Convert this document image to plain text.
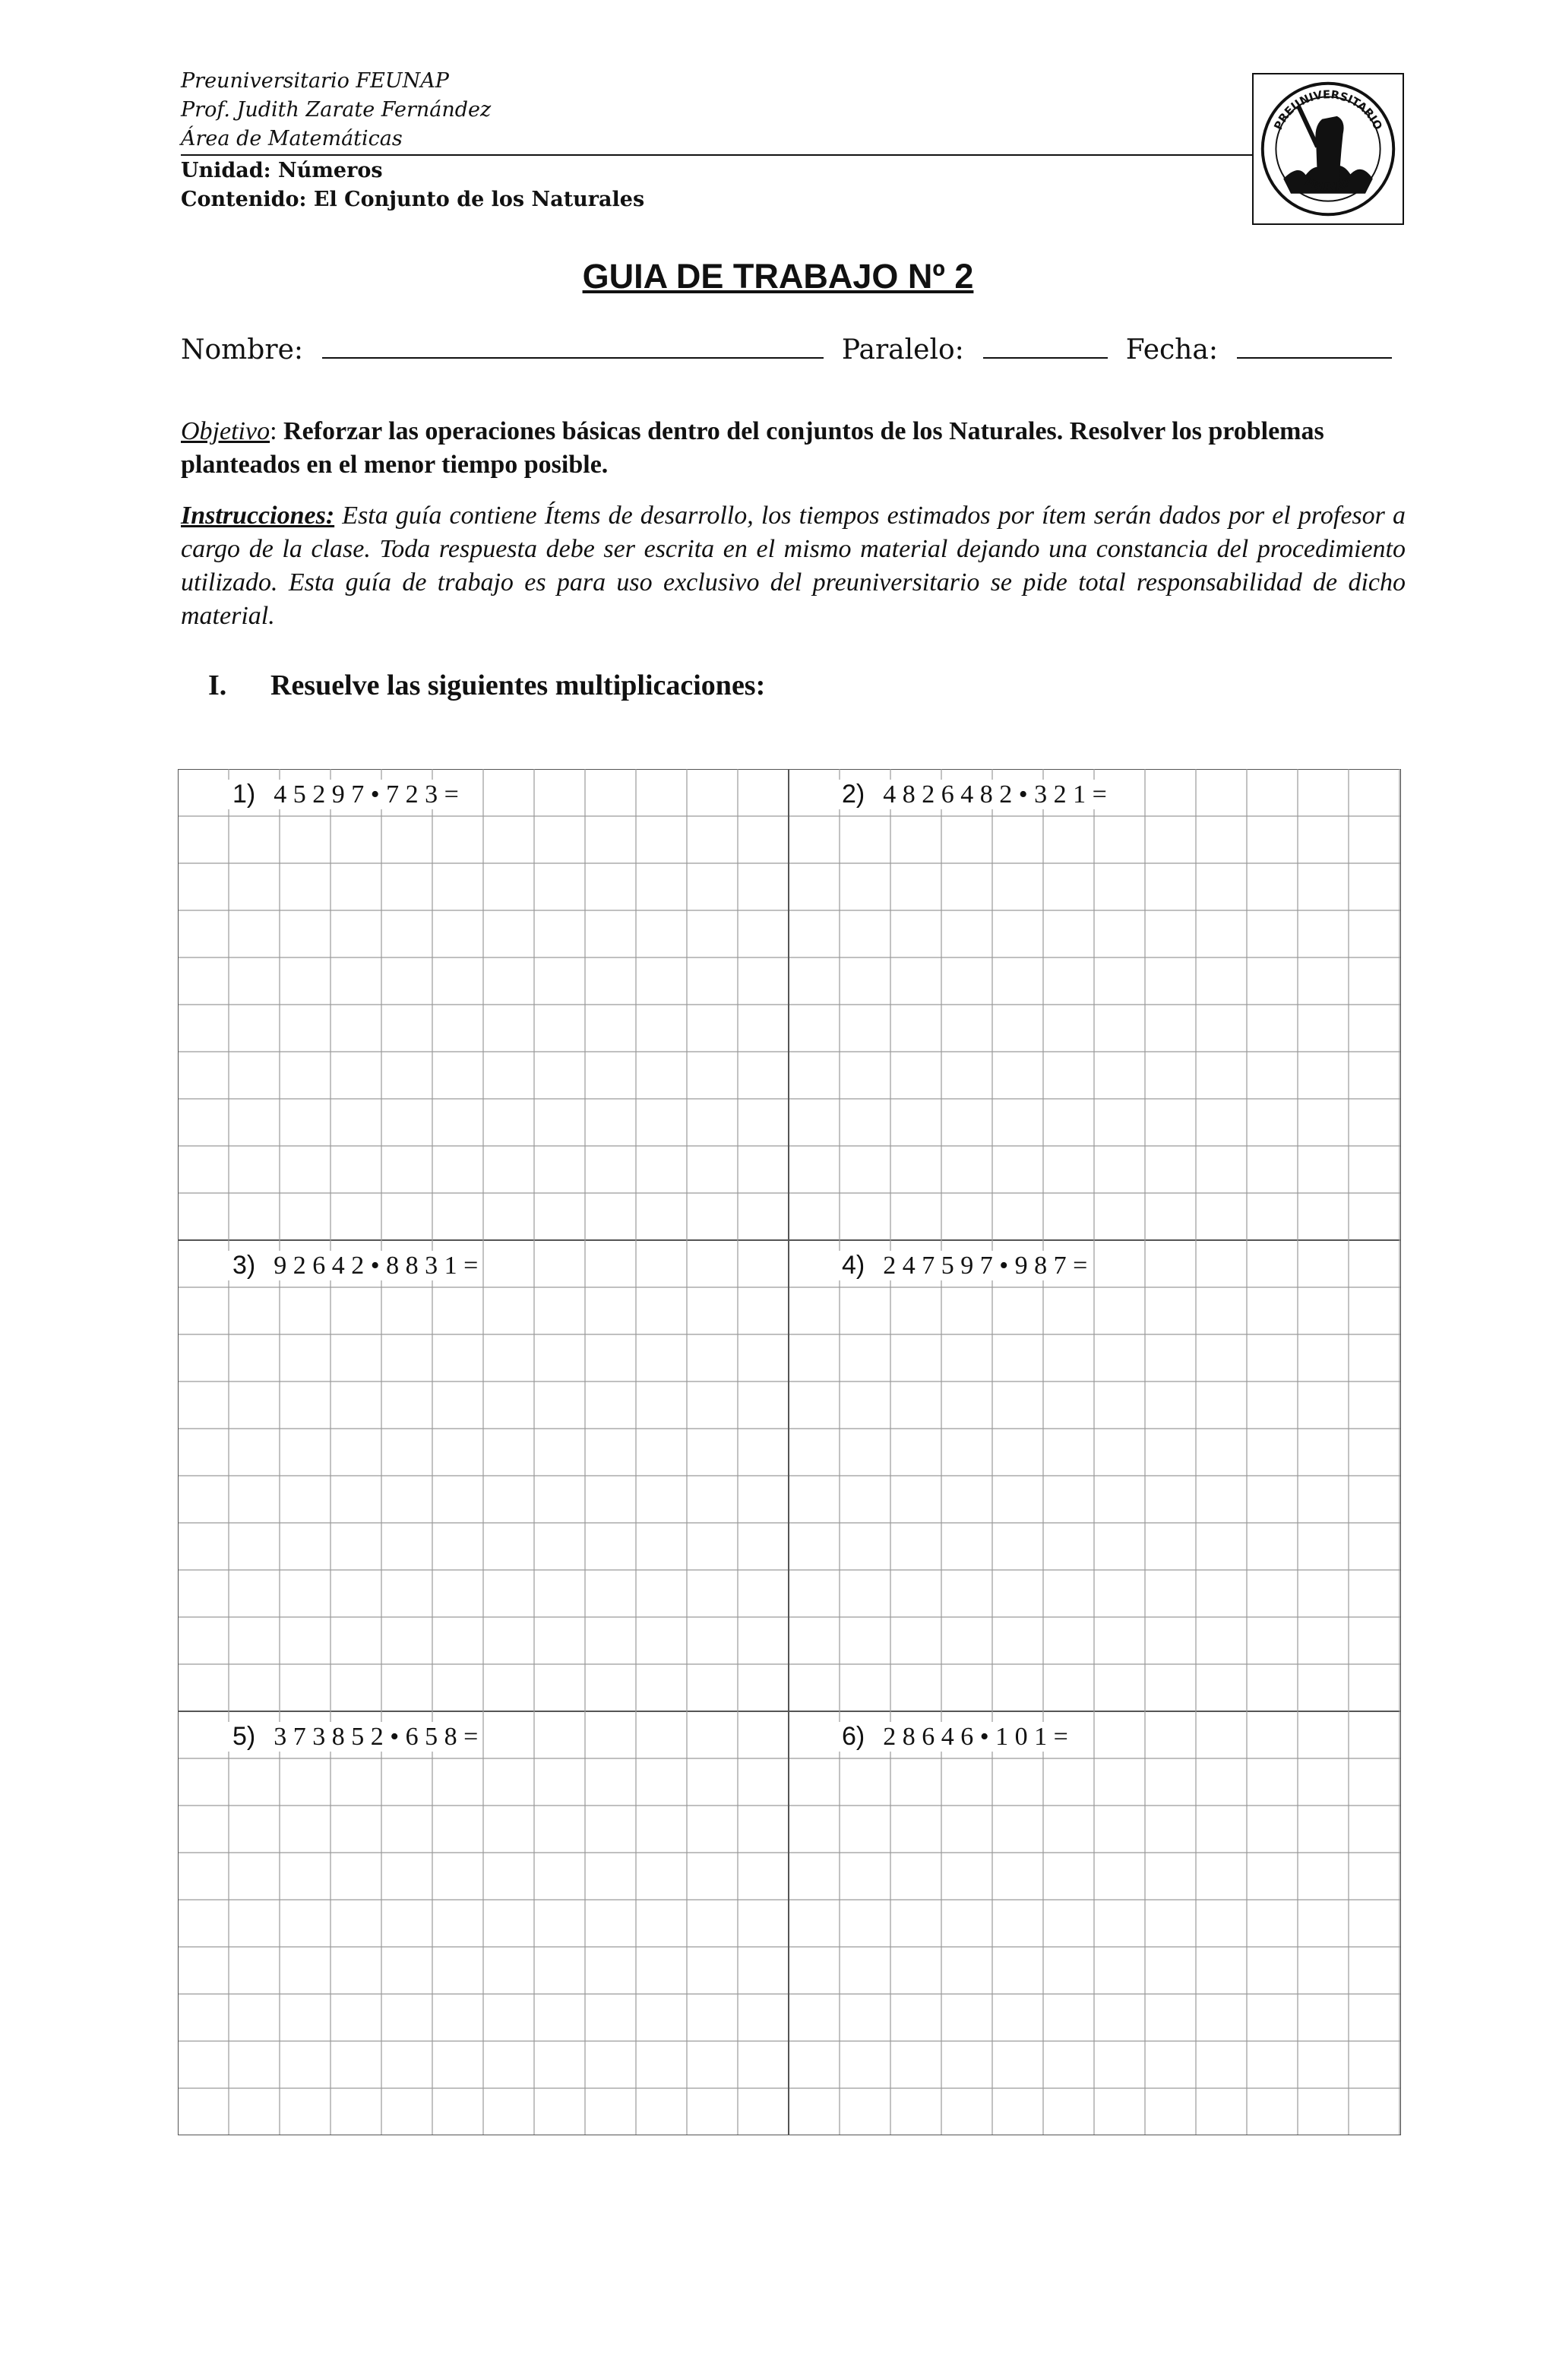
Preuniversitario FEUNAP
Prof. Judith Zarate Fernández
Área de Matemáticas
Unidad: Números
Contenido: El Conjunto de los Naturales
PREUNIVERSITARIO
FEUNAP
GUIA DE TRABAJO Nº 2
Nombre:	Paralelo:	Fecha:
Objetivo: Reforzar las operaciones básicas dentro del conjuntos de los Naturales. Resolver los problemas planteados en el menor tiempo posible.
Instrucciones: Esta guía contiene Ítems de desarrollo, los tiempos estimados por ítem serán dados por el profesor a cargo de la clase. Toda respuesta debe ser escrita en el mismo material dejando una constancia del procedimiento utilizado. Esta guía de trabajo es para uso exclusivo del preuniversitario se pide total responsabilidad de dicho material.
I. Resuelve las siguientes multiplicaciones:
1) 4 5 2 9 7 • 7 2 3 =	2) 4 8 2 6 4 8 2 • 3 2 1 =
3) 9 2 6 4 2 • 8 8 3 1 =	4) 2 4 7 5 9 7 • 9 8 7 =
5) 3 7 3 8 5 2 • 6 5 8 =	6) 2 8 6 4 6 • 1 0 1 =
